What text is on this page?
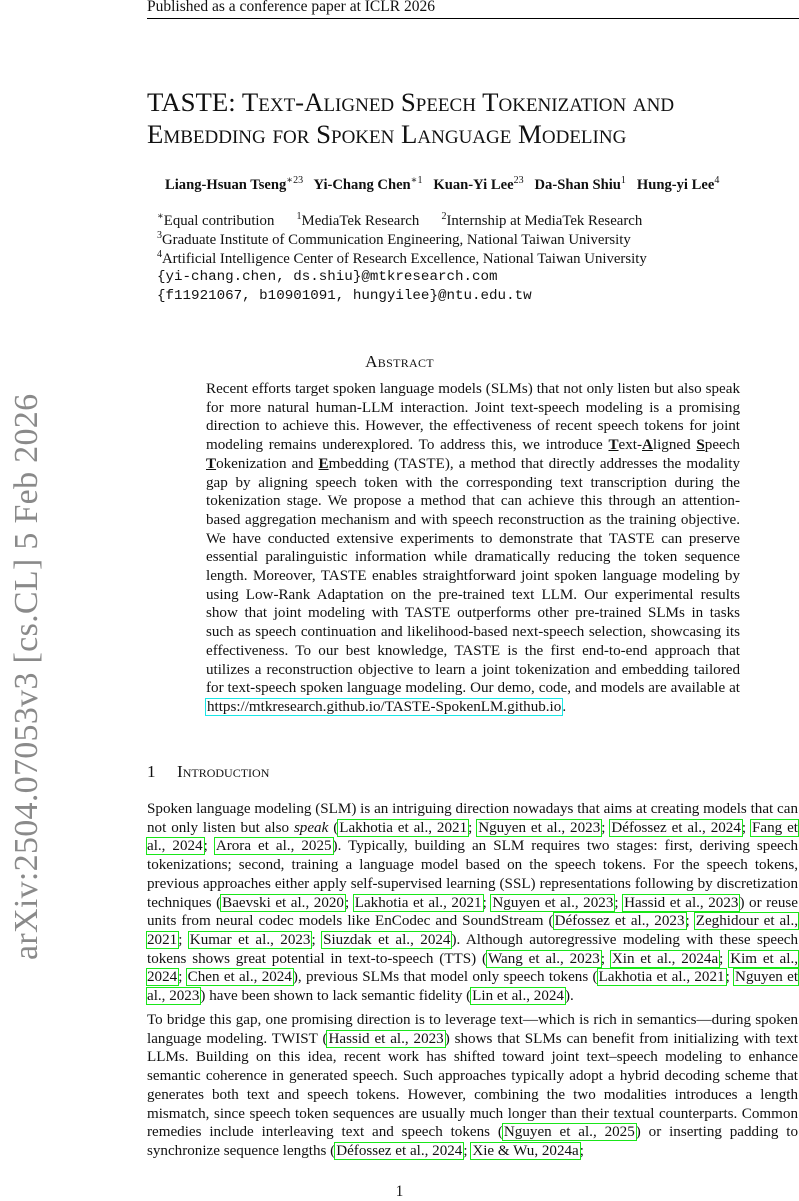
Published as a conference paper at ICLR 2026
arXiv:2504.07053v3 [cs.CL] 5 Feb 2026
TASTE: Text-Aligned Speech Tokenization and
Embedding for Spoken Language Modeling
Liang-Hsuan Tseng$^{∗23}$ Yi-Chang Chen$^{∗1}$ Kuan-Yi Lee$^{23}$ Da-Shan Shiu$^1$ Hung-yi Lee$^4$
∗Equal contribution $^1$MediaTek Research $^2$Internship at MediaTek Research
$^3$Graduate Institute of Communication Engineering, National Taiwan University
$^4$Artificial Intelligence Center of Research Excellence, National Taiwan University
{yi-chang.chen, ds.shiu}@mtkresearch.com
{f11921067, b10901091, hungyilee}@ntu.edu.tw
Abstract

Recent efforts target spoken language models (SLMs) that not only listen but also speak for more natural human-LLM interaction. Joint text-speech modeling is a promising direction to achieve this. However, the effectiveness of recent speech tokens for joint modeling remains underexplored. To address this, we introduce Text-Aligned Speech Tokenization and Embedding (TASTE), a method that directly addresses the modality gap by aligning speech token with the corresponding text transcription during the tokenization stage. We propose a method that can achieve this through an attention-based aggregation mechanism and with speech reconstruction as the training objective. We have conducted extensive experiments to demonstrate that TASTE can preserve essential paralinguistic information while dramatically reducing the token sequence length. Moreover, TASTE enables straightforward joint spoken language modeling by using Low-Rank Adaptation on the pre-trained text LLM. Our experimental results show that joint modeling with TASTE outperforms other pre-trained SLMs in tasks such as speech continuation and likelihood-based next-speech selection, showcasing its effectiveness. To our best knowledge, TASTE is the first end-to-end approach that utilizes a reconstruction objective to learn a joint tokenization and embedding tailored for text-speech spoken language modeling. Our demo, code, and models are available at https://mtkresearch.github.io/TASTE-SpokenLM.github.io.

1 Introduction

Spoken language modeling (SLM) is an intriguing direction nowadays that aims at creating models that can not only listen but also speak (Lakhotia et al., 2021; Nguyen et al., 2023; Défossez et al., 2024; Fang et al., 2024; Arora et al., 2025). Typically, building an SLM requires two stages: first, deriving speech tokenizations; second, training a language model based on the speech tokens. For the speech tokens, previous approaches either apply self-supervised learning (SSL) representations following by discretization techniques (Baevski et al., 2020; Lakhotia et al., 2021; Nguyen et al., 2023; Hassid et al., 2023) or reuse units from neural codec models like EnCodec and SoundStream (Défossez et al., 2023; Zeghidour et al., 2021; Kumar et al., 2023; Siuzdak et al., 2024). Although autoregressive modeling with these speech tokens shows great potential in text-to-speech (TTS) (Wang et al., 2023; Xin et al., 2024a; Kim et al., 2024; Chen et al., 2024), previous SLMs that model only speech tokens (Lakhotia et al., 2021; Nguyen et al., 2023) have been shown to lack semantic fidelity (Lin et al., 2024).

To bridge this gap, one promising direction is to leverage text—which is rich in semantics—during spoken language modeling. TWIST (Hassid et al., 2023) shows that SLMs can benefit from initializing with text LLMs. Building on this idea, recent work has shifted toward joint text–speech modeling to enhance semantic coherence in generated speech. Such approaches typically adopt a hybrid decoding scheme that generates both text and speech tokens. However, combining the two modalities introduces a length mismatch, since speech token sequences are usually much longer than their textual counterparts. Common remedies include interleaving text and speech tokens (Nguyen et al., 2025) or inserting padding to synchronize sequence lengths (Défossez et al., 2024; Xie & Wu, 2024a;

1
